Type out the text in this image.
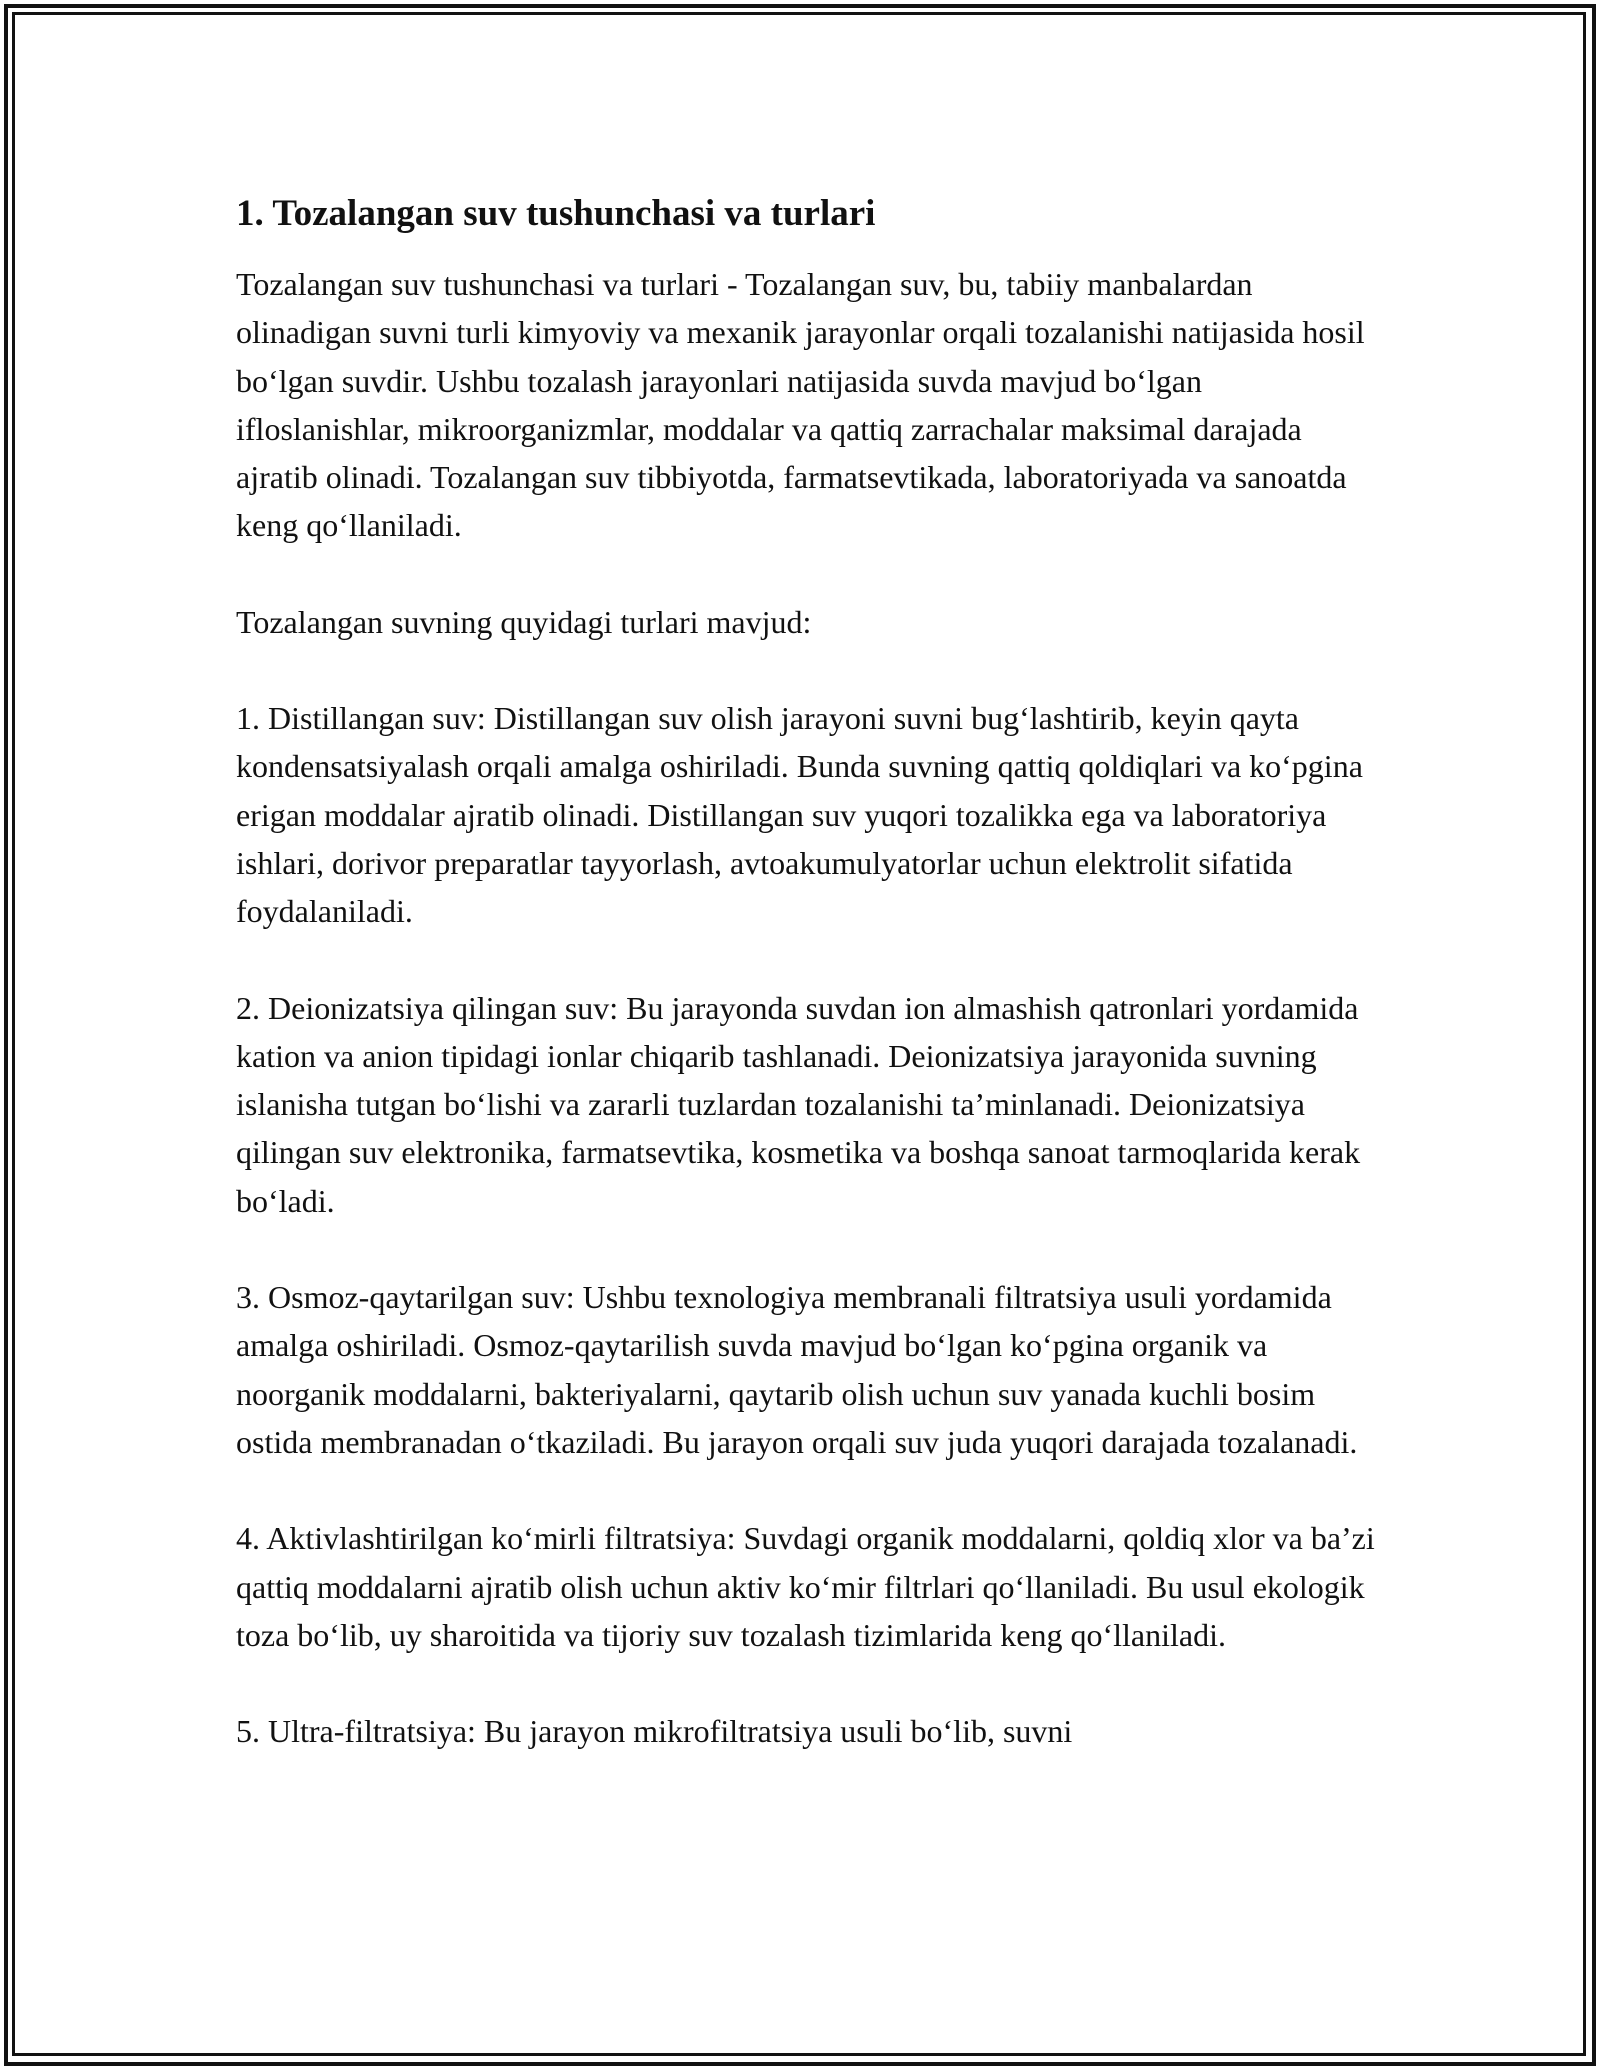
1. Tozalangan suv tushunchasi va turlari

Tozalangan suv tushunchasi va turlari - Tozalangan suv, bu, tabiiy manbalardan olinadigan suvni turli kimyoviy va mexanik jarayonlar orqali tozalanishi natijasida hosil bo‘lgan suvdir. Ushbu tozalash jarayonlari natijasida suvda mavjud bo‘lgan ifloslanishlar, mikroorganizmlar, moddalar va qattiq zarrachalar maksimal darajada ajratib olinadi. Tozalangan suv tibbiyotda, farmatsevtikada, laboratoriyada va sanoatda keng qo‘llaniladi.

Tozalangan suvning quyidagi turlari mavjud:

1. Distillangan suv: Distillangan suv olish jarayoni suvni bug‘lashtirib, keyin qayta kondensatsiyalash orqali amalga oshiriladi. Bunda suvning qattiq qoldiqlari va ko‘pgina erigan moddalar ajratib olinadi. Distillangan suv yuqori tozalikka ega va laboratoriya ishlari, dorivor preparatlar tayyorlash, avtoakumulyatorlar uchun elektrolit sifatida foydalaniladi.

2. Deionizatsiya qilingan suv: Bu jarayonda suvdan ion almashish qatronlari yordamida kation va anion tipidagi ionlar chiqarib tashlanadi. Deionizatsiya jarayonida suvning islanisha tutgan bo‘lishi va zararli tuzlardan tozalanishi ta’minlanadi. Deionizatsiya qilingan suv elektronika, farmatsevtika, kosmetika va boshqa sanoat tarmoqlarida kerak bo‘ladi.

3. Osmoz-qaytarilgan suv: Ushbu texnologiya membranali filtratsiya usuli yordamida amalga oshiriladi. Osmoz-qaytarilish suvda mavjud bo‘lgan ko‘pgina organik va noorganik moddalarni, bakteriyalarni, qaytarib olish uchun suv yanada kuchli bosim ostida membranadan o‘tkaziladi. Bu jarayon orqali suv juda yuqori darajada tozalanadi.

4. Aktivlashtirilgan ko‘mirli filtratsiya: Suvdagi organik moddalarni, qoldiq xlor va ba’zi qattiq moddalarni ajratib olish uchun aktiv ko‘mir filtrlari qo‘llaniladi. Bu usul ekologik toza bo‘lib, uy sharoitida va tijoriy suv tozalash tizimlarida keng qo‘llaniladi.

5. Ultra-filtratsiya: Bu jarayon mikrofiltratsiya usuli bo‘lib, suvni
